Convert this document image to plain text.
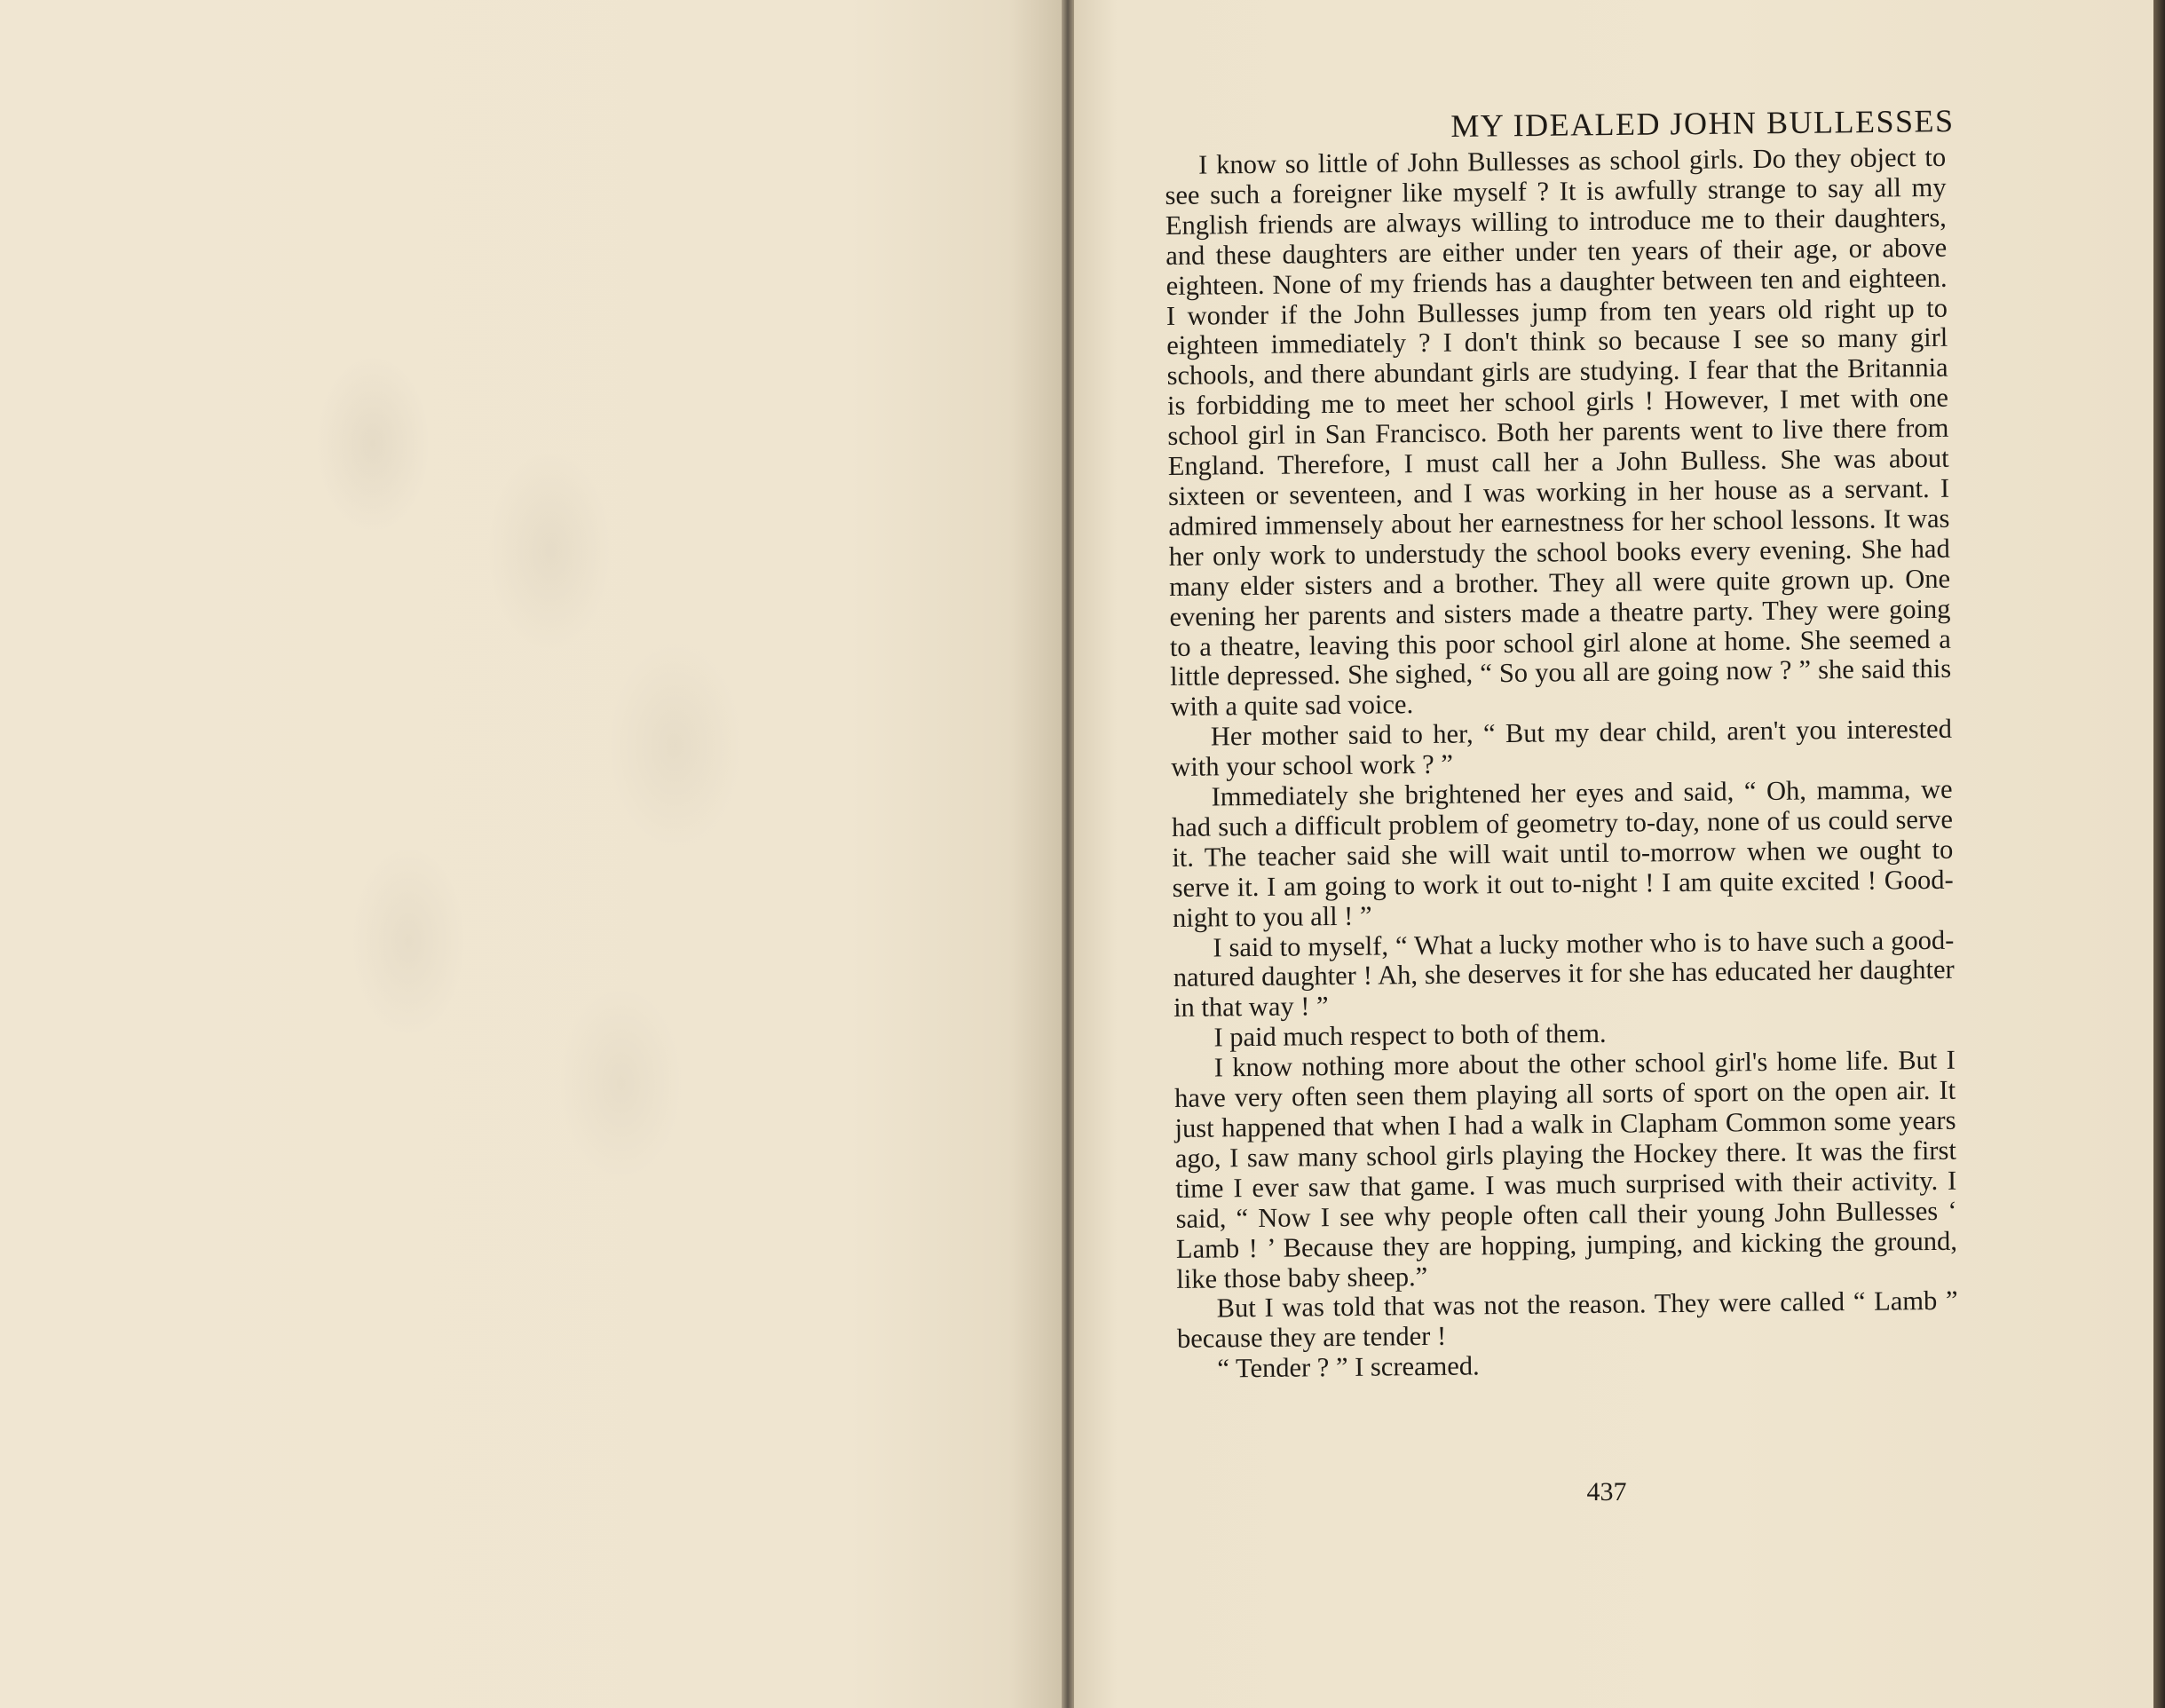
MY IDEALED JOHN BULLESSES

I know so little of John Bullesses as school girls. Do they object to see such a foreigner like myself ? It is awfully strange to say all my English friends are always willing to introduce me to their daughters, and these daughters are either under ten years of their age, or above eighteen. None of my friends has a daughter between ten and eighteen. I wonder if the John Bullesses jump from ten years old right up to eighteen immediately ? I don't think so because I see so many girl schools, and there abundant girls are studying. I fear that the Britannia is forbidding me to meet her school girls ! However, I met with one school girl in San Francisco. Both her parents went to live there from England. Therefore, I must call her a John Bulless. She was about sixteen or seventeen, and I was working in her house as a servant. I admired immensely about her earnestness for her school lessons. It was her only work to understudy the school books every evening. She had many elder sisters and a brother. They all were quite grown up. One evening her parents and sisters made a theatre party. They were going to a theatre, leaving this poor school girl alone at home. She seemed a little depressed. She sighed, “ So you all are going now ? ” she said this with a quite sad voice.

Her mother said to her, “ But my dear child, aren't you interested with your school work ? ”

Immediately she brightened her eyes and said, “ Oh, mamma, we had such a difficult problem of geometry to-day, none of us could serve it. The teacher said she will wait until to-morrow when we ought to serve it. I am going to work it out to-night ! I am quite excited ! Good-night to you all ! ”

I said to myself, “ What a lucky mother who is to have such a good-natured daughter ! Ah, she deserves it for she has educated her daughter in that way ! ”

I paid much respect to both of them.

I know nothing more about the other school girl's home life. But I have very often seen them playing all sorts of sport on the open air. It just happened that when I had a walk in Clapham Common some years ago, I saw many school girls playing the Hockey there. It was the first time I ever saw that game. I was much surprised with their activity. I said, “ Now I see why people often call their young John Bullesses ‘ Lamb ! ’ Because they are hopping, jumping, and kicking the ground, like those baby sheep.”

But I was told that was not the reason. They were called “ Lamb ” because they are tender !

“ Tender ? ” I screamed.

437
